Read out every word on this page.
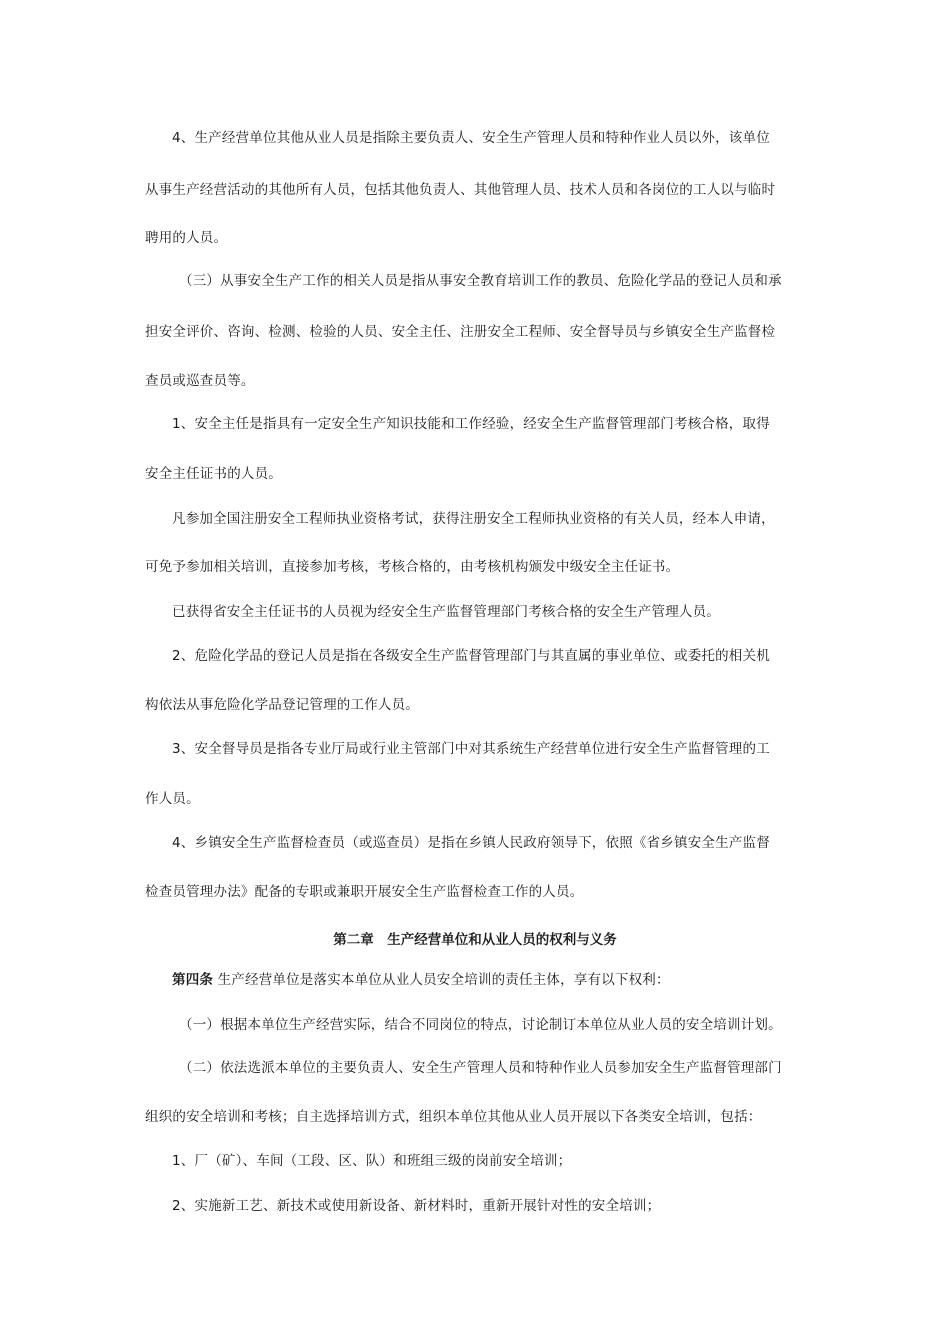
4、生产经营单位其他从业人员是指除主要负责人、安全生产管理人员和特种作业人员以外，该单位
从事生产经营活动的其他所有人员，包括其他负责人、其他管理人员、技术人员和各岗位的工人以与临时
聘用的人员。
（三）从事安全生产工作的相关人员是指从事安全教育培训工作的教员、危险化学品的登记人员和承
担安全评价、咨询、检测、检验的人员、安全主任、注册安全工程师、安全督导员与乡镇安全生产监督检
查员或巡查员等。
1、安全主任是指具有一定安全生产知识技能和工作经验，经安全生产监督管理部门考核合格，取得
安全主任证书的人员。
凡参加全国注册安全工程师执业资格考试，获得注册安全工程师执业资格的有关人员，经本人申请，
可免予参加相关培训，直接参加考核，考核合格的，由考核机构颁发中级安全主任证书。
已获得省安全主任证书的人员视为经安全生产监督管理部门考核合格的安全生产管理人员。
2、危险化学品的登记人员是指在各级安全生产监督管理部门与其直属的事业单位、或委托的相关机
构依法从事危险化学品登记管理的工作人员。
3、安全督导员是指各专业厅局或行业主管部门中对其系统生产经营单位进行安全生产监督管理的工
作人员。
4、乡镇安全生产监督检查员（或巡查员）是指在乡镇人民政府领导下，依照《省乡镇安全生产监督
检查员管理办法》配备的专职或兼职开展安全生产监督检查工作的人员。
第二章　生产经营单位和从业人员的权利与义务
第四条 生产经营单位是落实本单位从业人员安全培训的责任主体，享有以下权利：
（一）根据本单位生产经营实际，结合不同岗位的特点，讨论制订本单位从业人员的安全培训计划。
（二）依法选派本单位的主要负责人、安全生产管理人员和特种作业人员参加安全生产监督管理部门
组织的安全培训和考核；自主选择培训方式，组织本单位其他从业人员开展以下各类安全培训，包括：
1、厂（矿）、车间（工段、区、队）和班组三级的岗前安全培训；
2、实施新工艺、新技术或使用新设备、新材料时，重新开展针对性的安全培训；
